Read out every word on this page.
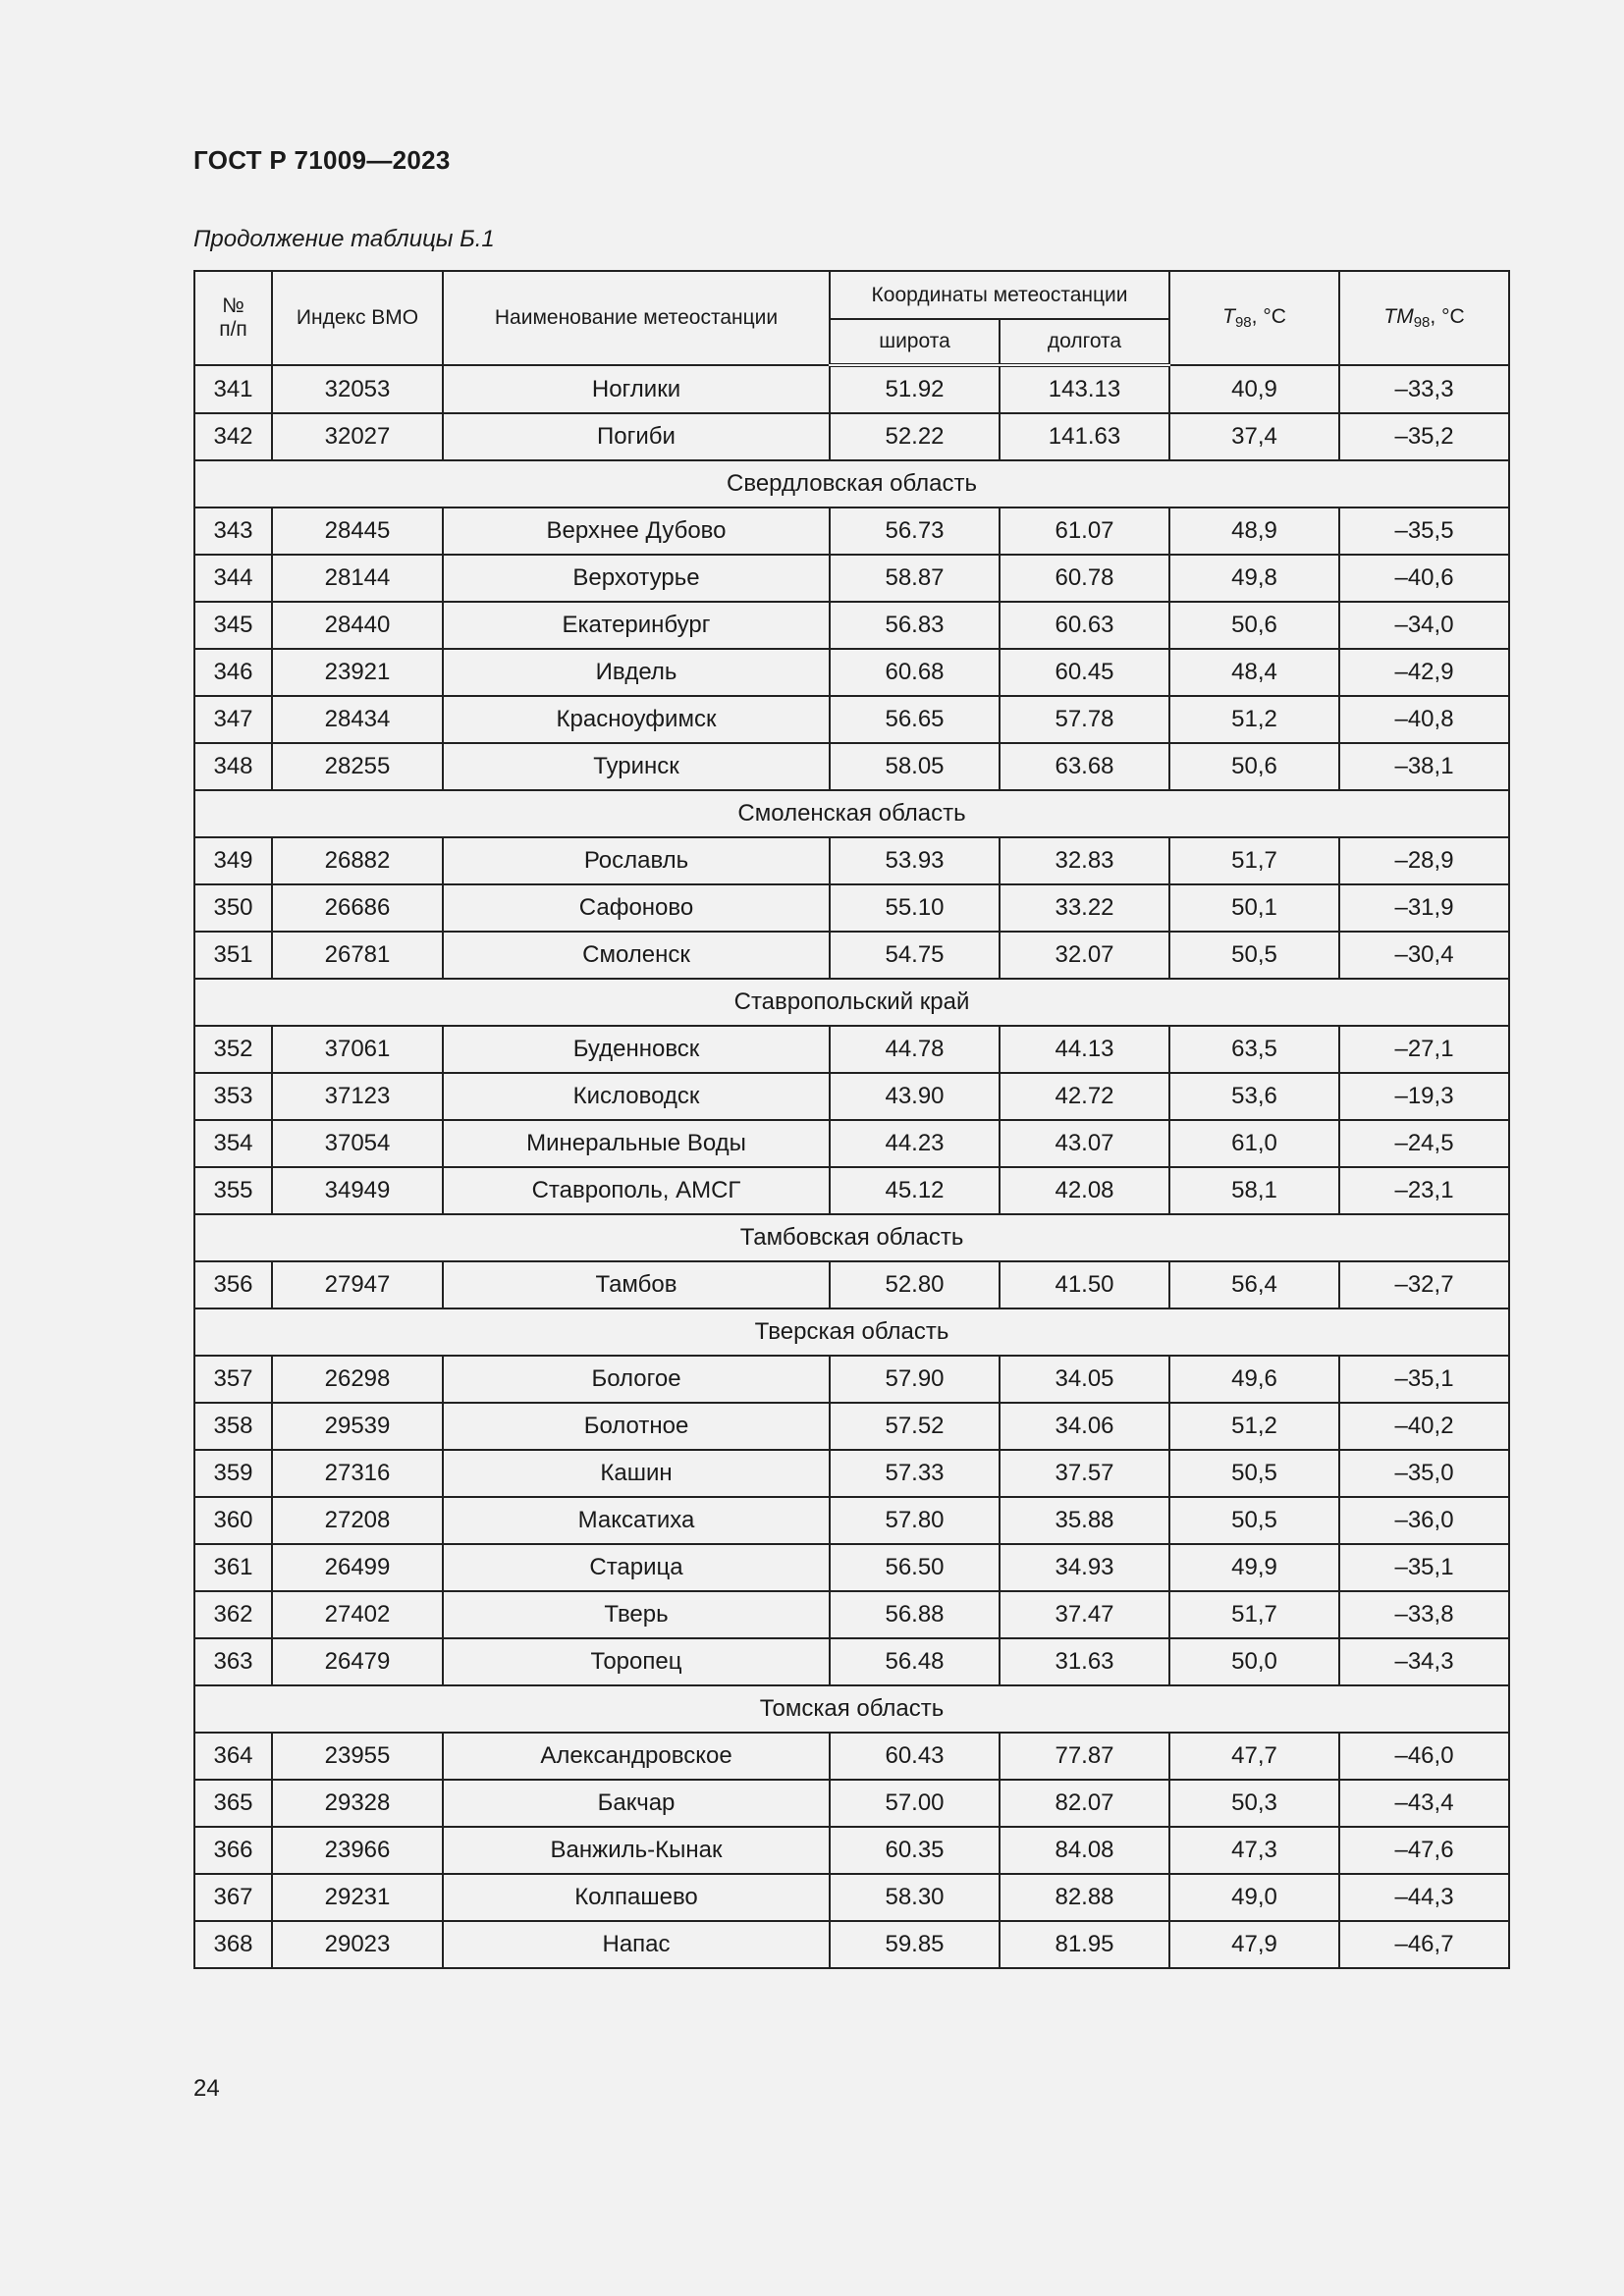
ГОСТ Р 71009—2023
Продолжение таблицы Б.1
№
п/п	Индекс ВМО	Наименование метеостанции	Координаты метеостанции		$T_{98}$, °C	$TM_{98}$, °C
			широта	долгота		
341	32053	Ноглики	51.92	143.13	40,9	–33,3
342	32027	Погиби	52.22	141.63	37,4	–35,2
Свердловская область						
343	28445	Верхнее Дубово	56.73	61.07	48,9	–35,5
344	28144	Верхотурье	58.87	60.78	49,8	–40,6
345	28440	Екатеринбург	56.83	60.63	50,6	–34,0
346	23921	Ивдель	60.68	60.45	48,4	–42,9
347	28434	Красноуфимск	56.65	57.78	51,2	–40,8
348	28255	Туринск	58.05	63.68	50,6	–38,1
Смоленская область						
349	26882	Рославль	53.93	32.83	51,7	–28,9
350	26686	Сафоново	55.10	33.22	50,1	–31,9
351	26781	Смоленск	54.75	32.07	50,5	–30,4
Ставропольский край						
352	37061	Буденновск	44.78	44.13	63,5	–27,1
353	37123	Кисловодск	43.90	42.72	53,6	–19,3
354	37054	Минеральные Воды	44.23	43.07	61,0	–24,5
355	34949	Ставрополь, АМСГ	45.12	42.08	58,1	–23,1
Тамбовская область						
356	27947	Тамбов	52.80	41.50	56,4	–32,7
Тверская область						
357	26298	Бологое	57.90	34.05	49,6	–35,1
358	29539	Болотное	57.52	34.06	51,2	–40,2
359	27316	Кашин	57.33	37.57	50,5	–35,0
360	27208	Максатиха	57.80	35.88	50,5	–36,0
361	26499	Старица	56.50	34.93	49,9	–35,1
362	27402	Тверь	56.88	37.47	51,7	–33,8
363	26479	Торопец	56.48	31.63	50,0	–34,3
Томская область						
364	23955	Александровское	60.43	77.87	47,7	–46,0
365	29328	Бакчар	57.00	82.07	50,3	–43,4
366	23966	Ванжиль-Кынак	60.35	84.08	47,3	–47,6
367	29231	Колпашево	58.30	82.88	49,0	–44,3
368	29023	Напас	59.85	81.95	47,9	–46,7
24
